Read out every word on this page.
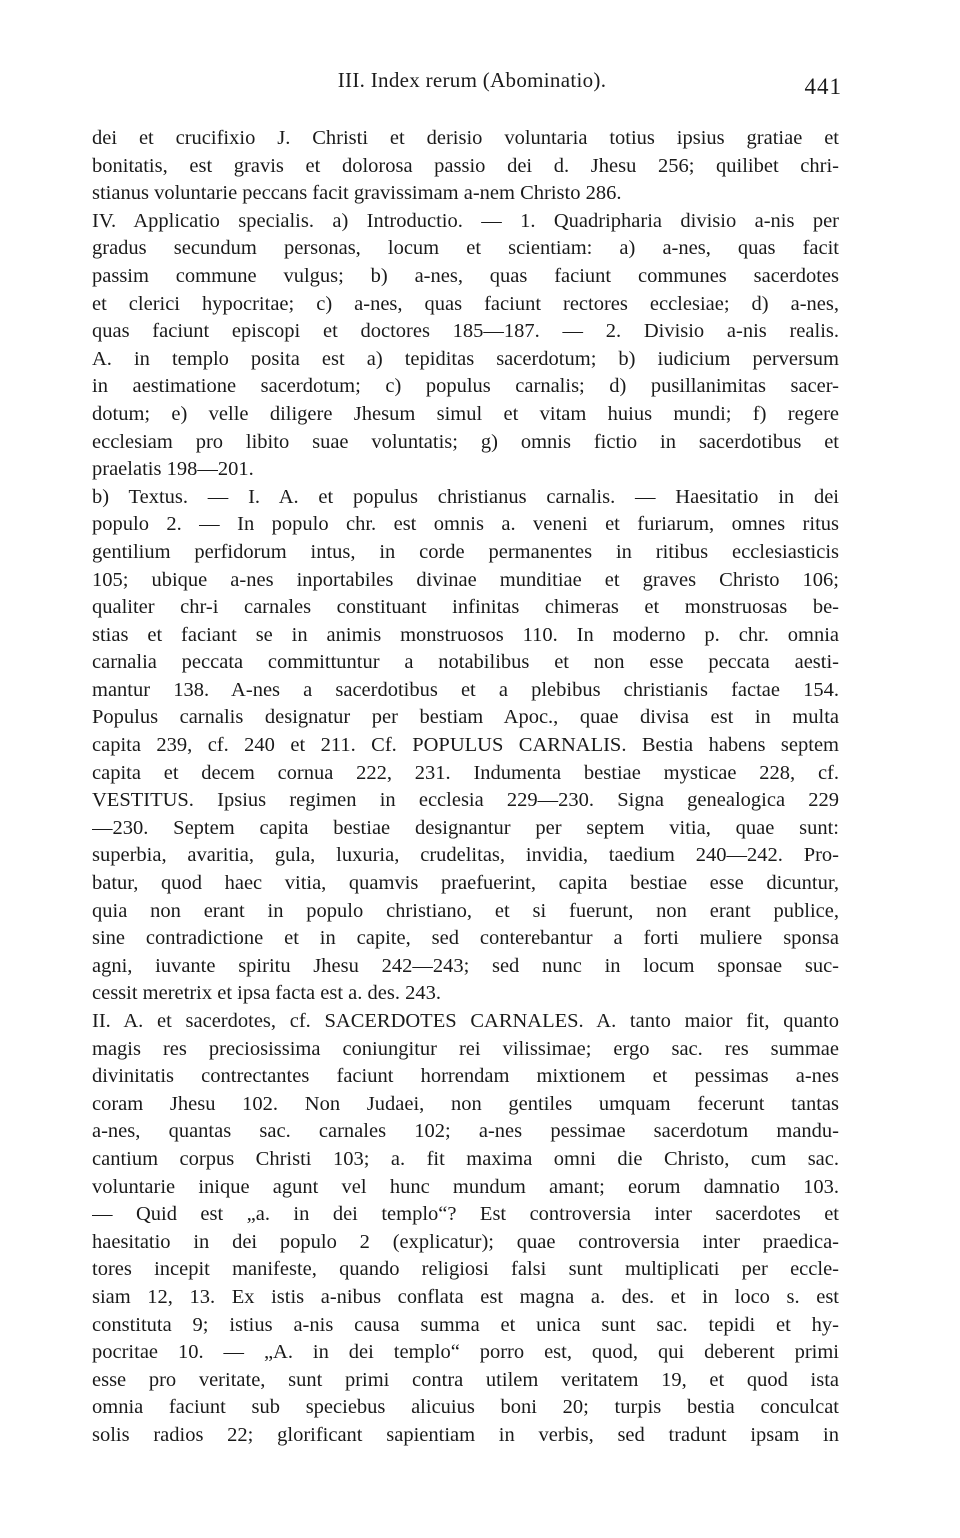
III. Index rerum (Abominatio).	441
dei et crucifixio J. Christi et derisio voluntaria totius ipsius gratiae et
bonitatis, est gravis et dolorosa passio dei d. Jhesu 256; quilibet chri-
stianus voluntarie peccans facit gravissimam a-nem Christo 286.
IV. Applicatio specialis. a) Introductio. — 1. Quadripharia divisio a-nis per
gradus secundum personas, locum et scientiam: a) a-nes, quas facit
passim commune vulgus; b) a-nes, quas faciunt communes sacerdotes
et clerici hypocritae; c) a-nes, quas faciunt rectores ecclesiae; d) a-nes,
quas faciunt episcopi et doctores 185—187. — 2. Divisio a-nis realis.
A. in templo posita est a) tepiditas sacerdotum; b) iudicium perversum
in aestimatione sacerdotum; c) populus carnalis; d) pusillanimitas sacer-
dotum; e) velle diligere Jhesum simul et vitam huius mundi; f) regere
ecclesiam pro libito suae voluntatis; g) omnis fictio in sacerdotibus et
praelatis 198—201.
b) Textus. — I. A. et populus christianus carnalis. — Haesitatio in dei
populo 2. — In populo chr. est omnis a. veneni et furiarum, omnes ritus
gentilium perfidorum intus, in corde permanentes in ritibus ecclesiasticis
105; ubique a-nes inportabiles divinae munditiae et graves Christo 106;
qualiter chr-i carnales constituant infinitas chimeras et monstruosas be-
stias et faciant se in animis monstruosos 110. In moderno p. chr. omnia
carnalia peccata committuntur a notabilibus et non esse peccata aesti-
mantur 138. A-nes a sacerdotibus et a plebibus christianis factae 154.
Populus carnalis designatur per bestiam Apoc., quae divisa est in multa
capita 239, cf. 240 et 211. Cf. POPULUS CARNALIS. Bestia habens septem
capita et decem cornua 222, 231. Indumenta bestiae mysticae 228, cf.
VESTITUS. Ipsius regimen in ecclesia 229—230. Signa genealogica 229
—230. Septem capita bestiae designantur per septem vitia, quae sunt:
superbia, avaritia, gula, luxuria, crudelitas, invidia, taedium 240—242. Pro-
batur, quod haec vitia, quamvis praefuerint, capita bestiae esse dicuntur,
quia non erant in populo christiano, et si fuerunt, non erant publice,
sine contradictione et in capite, sed conterebantur a forti muliere sponsa
agni, iuvante spiritu Jhesu 242—243; sed nunc in locum sponsae suc-
cessit meretrix et ipsa facta est a. des. 243.
II. A. et sacerdotes, cf. SACERDOTES CARNALES. A. tanto maior fit, quanto
magis res preciosissima coniungitur rei vilissimae; ergo sac. res summae
divinitatis contrectantes faciunt horrendam mixtionem et pessimas a-nes
coram Jhesu 102. Non Judaei, non gentiles umquam fecerunt tantas
a-nes, quantas sac. carnales 102; a-nes pessimae sacerdotum mandu-
cantium corpus Christi 103; a. fit maxima omni die Christo, cum sac.
voluntarie inique agunt vel hunc mundum amant; eorum damnatio 103.
— Quid est „a. in dei templo“? Est controversia inter sacerdotes et
haesitatio in dei populo 2 (explicatur); quae controversia inter praedica-
tores incepit manifeste, quando religiosi falsi sunt multiplicati per eccle-
siam 12, 13. Ex istis a-nibus conflata est magna a. des. et in loco s. est
constituta 9; istius a-nis causa summa et unica sunt sac. tepidi et hy-
pocritae 10. — „A. in dei templo“ porro est, quod, qui deberent primi
esse pro veritate, sunt primi contra utilem veritatem 19, et quod ista
omnia faciunt sub speciebus alicuius boni 20; turpis bestia conculcat
solis radios 22; glorificant sapientiam in verbis, sed tradunt ipsam in
